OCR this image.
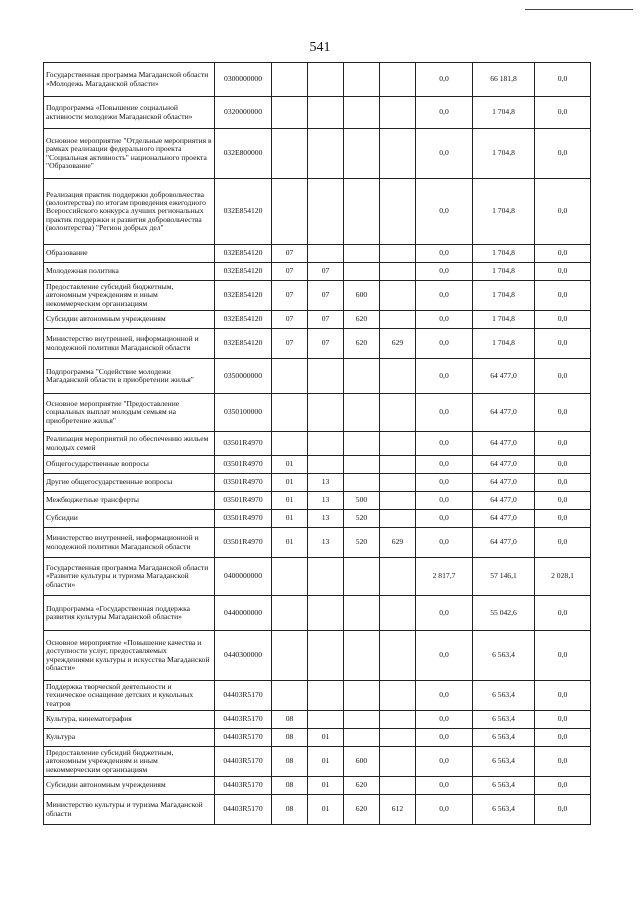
541
Государственная программа Магаданской области «Молодежь Магаданской области»	0300000000					0,0	66 181,8	0,0
Подпрограмма «Повышение социальной активности молодежи Магаданской области»	0320000000					0,0	1 704,8	0,0
Основное мероприятие "Отдельные мероприятия в рамках реализации федерального проекта "Социальная активность" национального проекта "Образование"	032E800000					0,0	1 704,8	0,0
Реализация практик поддержки добровольчества (волонтерства) по итогам проведения ежегодного Всероссийского конкурса лучших региональных практик поддержки и развития добровольчества (волонтерства) "Регион добрых дел"	032E854120					0,0	1 704,8	0,0
Образование	032E854120	07				0,0	1 704,8	0,0
Молодежная политика	032E854120	07	07			0,0	1 704,8	0,0
Предоставление субсидий бюджетным, автономным учреждениям и иным некоммерческим организациям	032E854120	07	07	600		0,0	1 704,8	0,0
Субсидии автономным учреждениям	032E854120	07	07	620		0,0	1 704,8	0,0
Министерство внутренней, информационной и молодежной политики Магаданской области	032E854120	07	07	620	629	0,0	1 704,8	0,0
Подпрограмма "Содействие молодежи Магаданской области в приобретении жилья"	0350000000					0,0	64 477,0	0,0
Основное мероприятие "Предоставление социальных выплат молодым семьям на приобретение жилья"	0350100000					0,0	64 477,0	0,0
Реализация мероприятий по обеспечению жильем молодых семей	03501R4970					0,0	64 477,0	0,0
Общегосударственные вопросы	03501R4970	01				0,0	64 477,0	0,0
Другие общегосударственные вопросы	03501R4970	01	13			0,0	64 477,0	0,0
Межбюджетные трансферты	03501R4970	01	13	500		0,0	64 477,0	0,0
Субсидии	03501R4970	01	13	520		0,0	64 477,0	0,0
Министерство внутренней, информационной и молодежной политики Магаданской области	03501R4970	01	13	520	629	0,0	64 477,0	0,0
Государственная программа Магаданской области «Развитие культуры и туризма Магаданской области»	0400000000					2 817,7	57 146,1	2 028,1
Подпрограмма «Государственная поддержка развития культуры Магаданской области»	0440000000					0,0	55 042,6	0,0
Основное мероприятие «Повышение качества и доступности услуг, предоставляемых учреждениями культуры и искусства Магаданской области»	0440300000					0,0	6 563,4	0,0
Поддержка творческой деятельности и техническое оснащение детских и кукольных театров	04403R5170					0,0	6 563,4	0,0
Культура, кинематография	04403R5170	08				0,0	6 563,4	0,0
Культура	04403R5170	08	01			0,0	6 563,4	0,0
Предоставление субсидий бюджетным, автономным учреждениям и иным некоммерческим организациям	04403R5170	08	01	600		0,0	6 563,4	0,0
Субсидии автономным учреждениям	04403R5170	08	01	620		0,0	6 563,4	0,0
Министерство культуры и туризма Магаданской области	04403R5170	08	01	620	612	0,0	6 563,4	0,0
